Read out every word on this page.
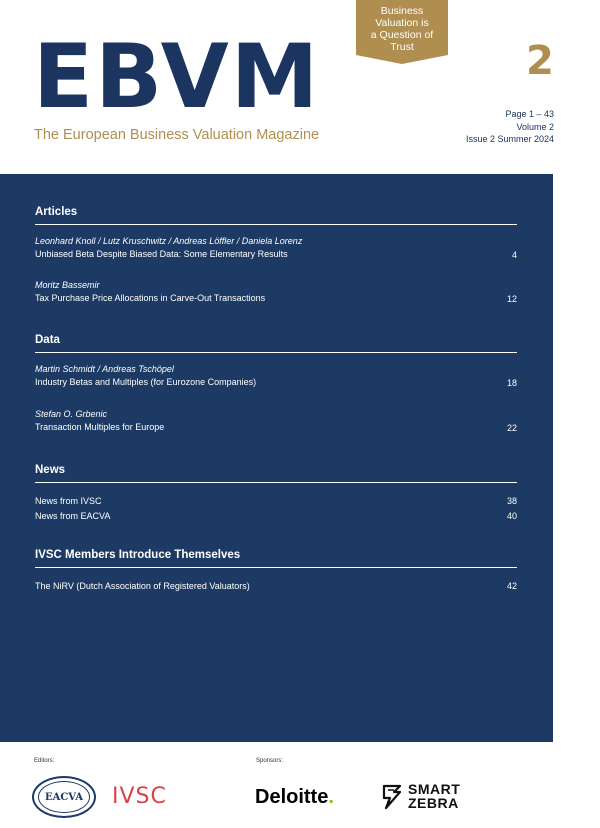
EBVM
The European Business Valuation Magazine
Business
Valuation is
a Question of
Trust	2
Page 1 – 43
Volume 2
Issue 2 Summer 2024
Articles
Leonhard Knoll / Lutz Kruschwitz / Andreas Löffler / Daniela Lorenz
Unbiased Beta Despite Biased Data: Some Elementary Results	4
Moritz Bassemir
Tax Purchase Price Allocations in Carve-Out Transactions	12
Data
Martin Schmidt / Andreas Tschöpel
Industry Betas and Multiples (for Eurozone Companies)	18
Stefan O. Grbenic
Transaction Multiples for Europe	22
News
News from IVSC	38
News from EACVA	40
IVSC Members Introduce Themselves
The NiRV (Dutch Association of Registered Valuators)	42
Editors:	Sponsors:
EACVA	IVSC	Deloitte.	SMART
ZEBRA
